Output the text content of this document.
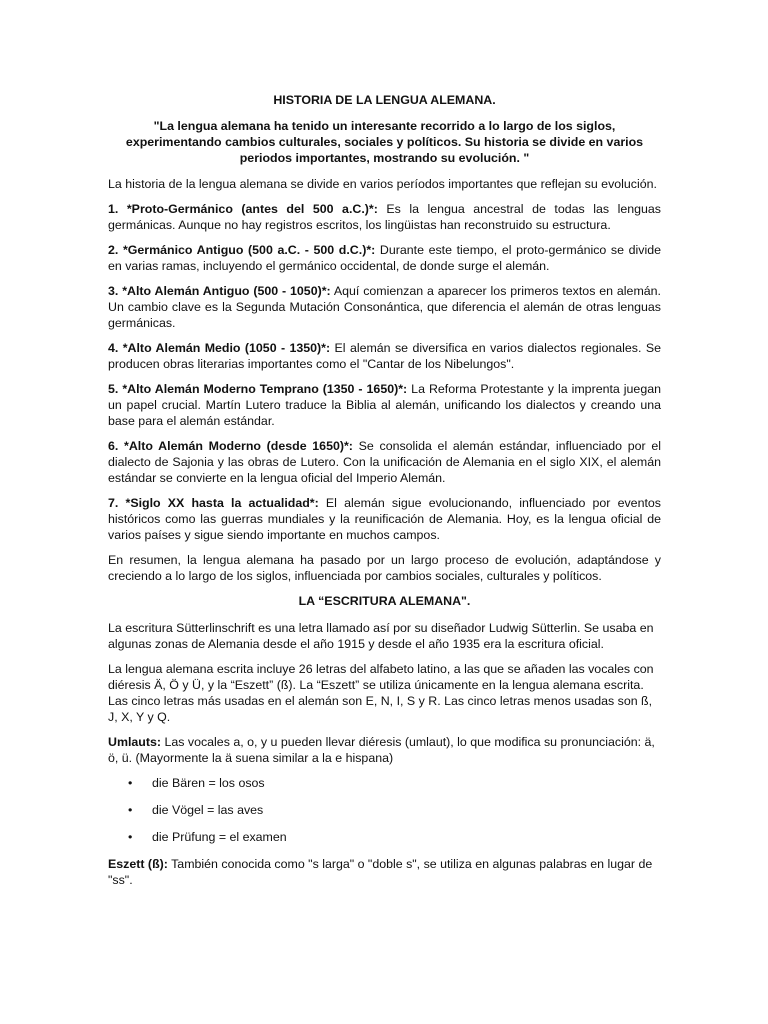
HISTORIA DE LA LENGUA ALEMANA.
"La lengua alemana ha tenido un interesante recorrido a lo largo de los siglos, experimentando cambios culturales, sociales y políticos. Su historia se divide en varios periodos importantes, mostrando su evolución. "

La historia de la lengua alemana se divide en varios períodos importantes que reflejan su evolución.

1. *Proto-Germánico (antes del 500 a.C.)*: Es la lengua ancestral de todas las lenguas germánicas. Aunque no hay registros escritos, los lingüistas han reconstruido su estructura.

2. *Germánico Antiguo (500 a.C. - 500 d.C.)*: Durante este tiempo, el proto-germánico se divide en varias ramas, incluyendo el germánico occidental, de donde surge el alemán.

3. *Alto Alemán Antiguo (500 - 1050)*: Aquí comienzan a aparecer los primeros textos en alemán. Un cambio clave es la Segunda Mutación Consonántica, que diferencia el alemán de otras lenguas germánicas.

4. *Alto Alemán Medio (1050 - 1350)*: El alemán se diversifica en varios dialectos regionales. Se producen obras literarias importantes como el "Cantar de los Nibelungos".

5. *Alto Alemán Moderno Temprano (1350 - 1650)*: La Reforma Protestante y la imprenta juegan un papel crucial. Martín Lutero traduce la Biblia al alemán, unificando los dialectos y creando una base para el alemán estándar.

6. *Alto Alemán Moderno (desde 1650)*: Se consolida el alemán estándar, influenciado por el dialecto de Sajonia y las obras de Lutero. Con la unificación de Alemania en el siglo XIX, el alemán estándar se convierte en la lengua oficial del Imperio Alemán.

7. *Siglo XX hasta la actualidad*: El alemán sigue evolucionando, influenciado por eventos históricos como las guerras mundiales y la reunificación de Alemania. Hoy, es la lengua oficial de varios países y sigue siendo importante en muchos campos.

En resumen, la lengua alemana ha pasado por un largo proceso de evolución, adaptándose y creciendo a lo largo de los siglos, influenciada por cambios sociales, culturales y políticos.

LA “ESCRITURA ALEMANA".

La escritura Sütterlinschrift es una letra llamado así por su diseñador Ludwig Sütterlin. Se usaba en algunas zonas de Alemania desde el año 1915 y desde el año 1935 era la escritura oficial.

La lengua alemana escrita incluye 26 letras del alfabeto latino, a las que se añaden las vocales con diéresis Ä, Ö y Ü, y la “Eszett” (ß). La “Eszett” se utiliza únicamente en la lengua alemana escrita. Las cinco letras más usadas en el alemán son E, N, I, S y R. Las cinco letras menos usadas son ß, J, X, Y y Q.

Umlauts: Las vocales a, o, y u pueden llevar diéresis (umlaut), lo que modifica su pronunciación: ä, ö, ü. (Mayormente la ä suena similar a la e hispana)

• die Bären = los osos
• die Vögel = las aves
• die Prüfung = el examen

Eszett (ß): También conocida como "s larga" o "doble s", se utiliza en algunas palabras en lugar de "ss".
